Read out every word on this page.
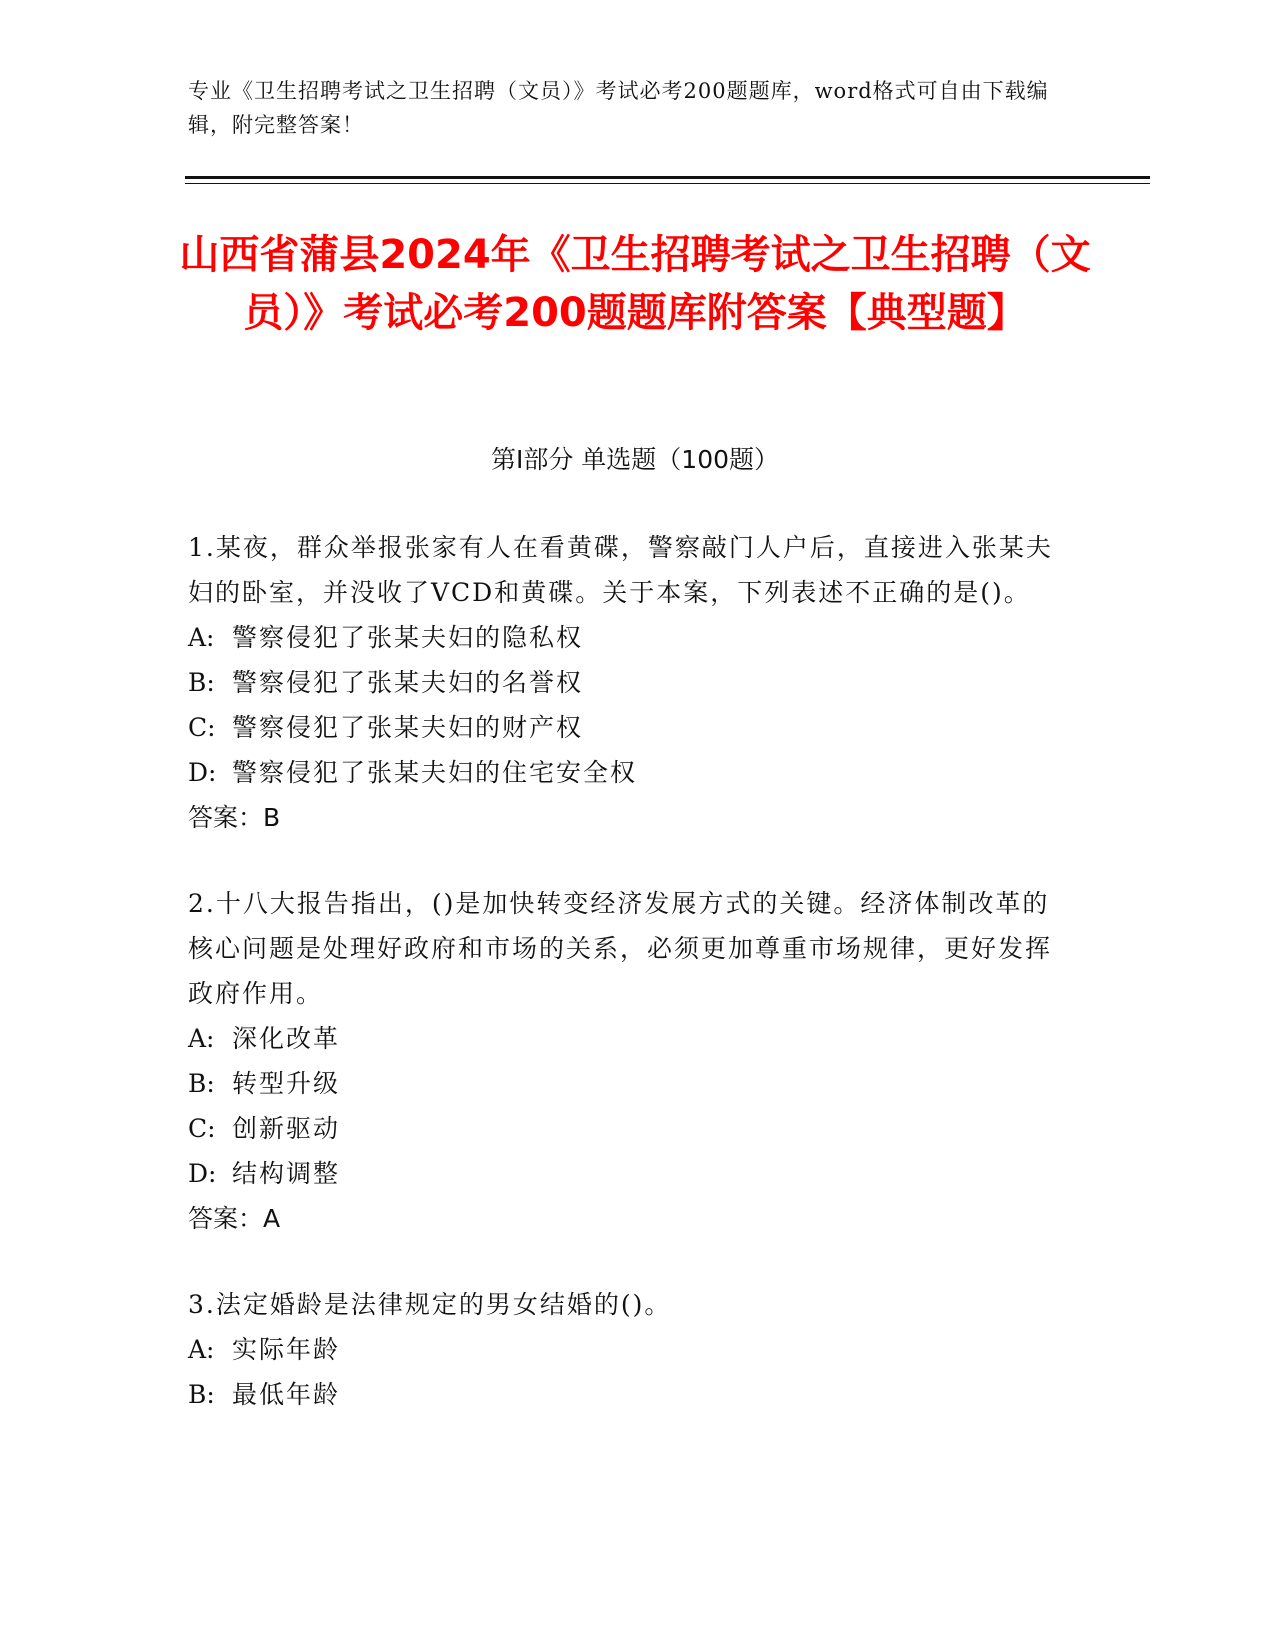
专业《卫生招聘考试之卫生招聘（文员）》考试必考200题题库，word格式可自由下载编辑，附完整答案！
山西省蒲县2024年《卫生招聘考试之卫生招聘（文员）》考试必考200题题库附答案【典型题】
第I部分 单选题（100题）

1.某夜，群众举报张家有人在看黄碟，警察敲门人户后，直接进入张某夫妇的卧室，并没收了VCD和黄碟。关于本案，下列表述不正确的是()。

A: 警察侵犯了张某夫妇的隐私权

B: 警察侵犯了张某夫妇的名誉权

C: 警察侵犯了张某夫妇的财产权

D: 警察侵犯了张某夫妇的住宅安全权

答案：B

2.十八大报告指出，()是加快转变经济发展方式的关键。经济体制改革的核心问题是处理好政府和市场的关系，必须更加尊重市场规律，更好发挥政府作用。

A: 深化改革

B: 转型升级

C: 创新驱动

D: 结构调整

答案：A

3.法定婚龄是法律规定的男女结婚的()。

A: 实际年龄

B: 最低年龄
